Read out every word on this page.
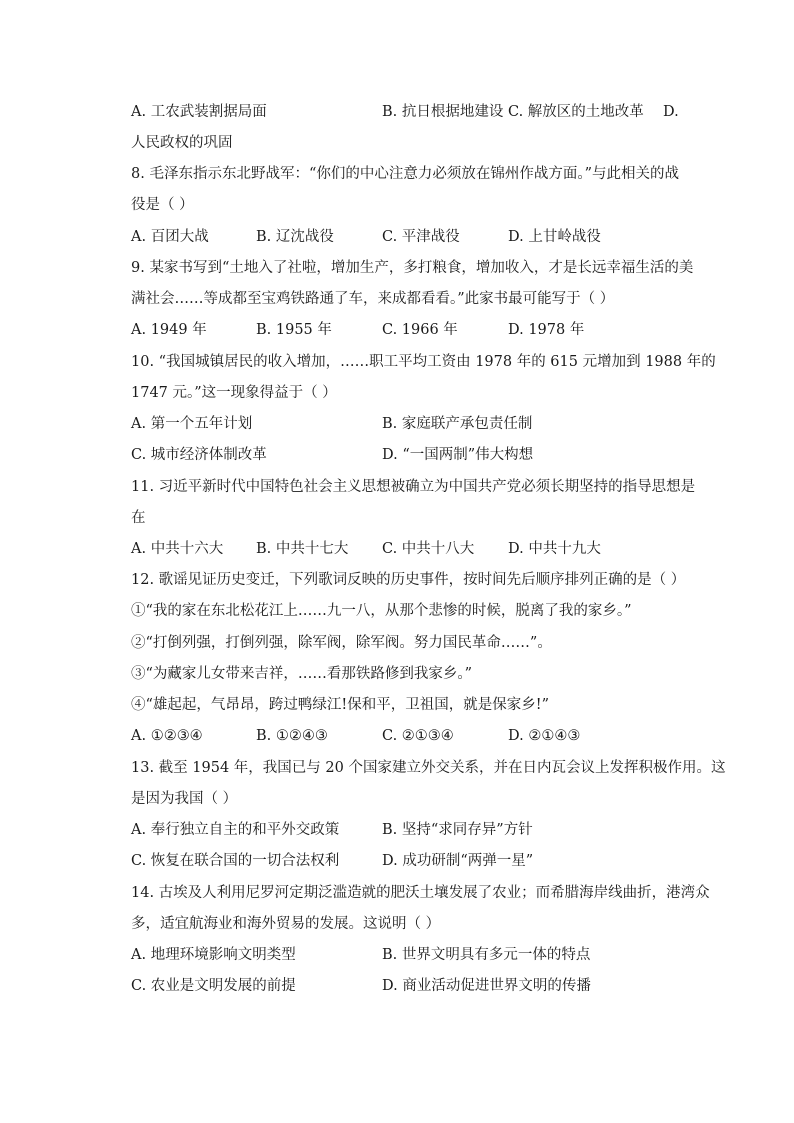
A. 工农武装割据局面	B. 抗日根据地建设 C. 解放区的土地改革 D.
人民政权的巩固
8. 毛泽东指示东北野战军：“你们的中心注意力必须放在锦州作战方面。”与此相关的战
役是（ ）
A. 百团大战	B. 辽沈战役	C. 平津战役	D. 上甘岭战役
9. 某家书写到“土地入了社啦，增加生产，多打粮食，增加收入，才是长远幸福生活的美
满社会……等成都至宝鸡铁路通了车，来成都看看。”此家书最可能写于（ ）
A. 1949 年	B. 1955 年	C. 1966 年	D. 1978 年
10. “我国城镇居民的收入增加，……职工平均工资由 1978 年的 615 元增加到 1988 年的
1747 元。”这一现象得益于（ ）
A. 第一个五年计划	B. 家庭联产承包责任制
C. 城市经济体制改革	D. “一国两制”伟大构想
11. 习近平新时代中国特色社会主义思想被确立为中国共产党必须长期坚持的指导思想是
在
A. 中共十六大 B. 中共十七大 C. 中共十八大 D. 中共十九大
12. 歌谣见证历史变迁，下列歌词反映的历史事件，按时间先后顺序排列正确的是（ ）
①“我的家在东北松花江上……九一八，从那个悲惨的时候，脱离了我的家乡。”
②“打倒列强，打倒列强，除军阀，除军阀。努力国民革命……”。
③“为藏家儿女带来吉祥，……看那铁路修到我家乡。”
④“雄起起，气昂昂，跨过鸭绿江!保和平，卫祖国，就是保家乡!”
A. ①②③④	B. ①②④③	C. ②①③④	D. ②①④③
13. 截至 1954 年，我国已与 20 个国家建立外交关系，并在日内瓦会议上发挥积极作用。这
是因为我国（ ）
A. 奉行独立自主的和平外交政策	B. 坚持“求同存异”方针
C. 恢复在联合国的一切合法权利	D. 成功研制“两弹一星”
14. 古埃及人利用尼罗河定期泛滥造就的肥沃土壤发展了农业；而希腊海岸线曲折，港湾众
多，适宜航海业和海外贸易的发展。这说明（ ）
A. 地理环境影响文明类型	B. 世界文明具有多元一体的特点
C. 农业是文明发展的前提	D. 商业活动促进世界文明的传播
